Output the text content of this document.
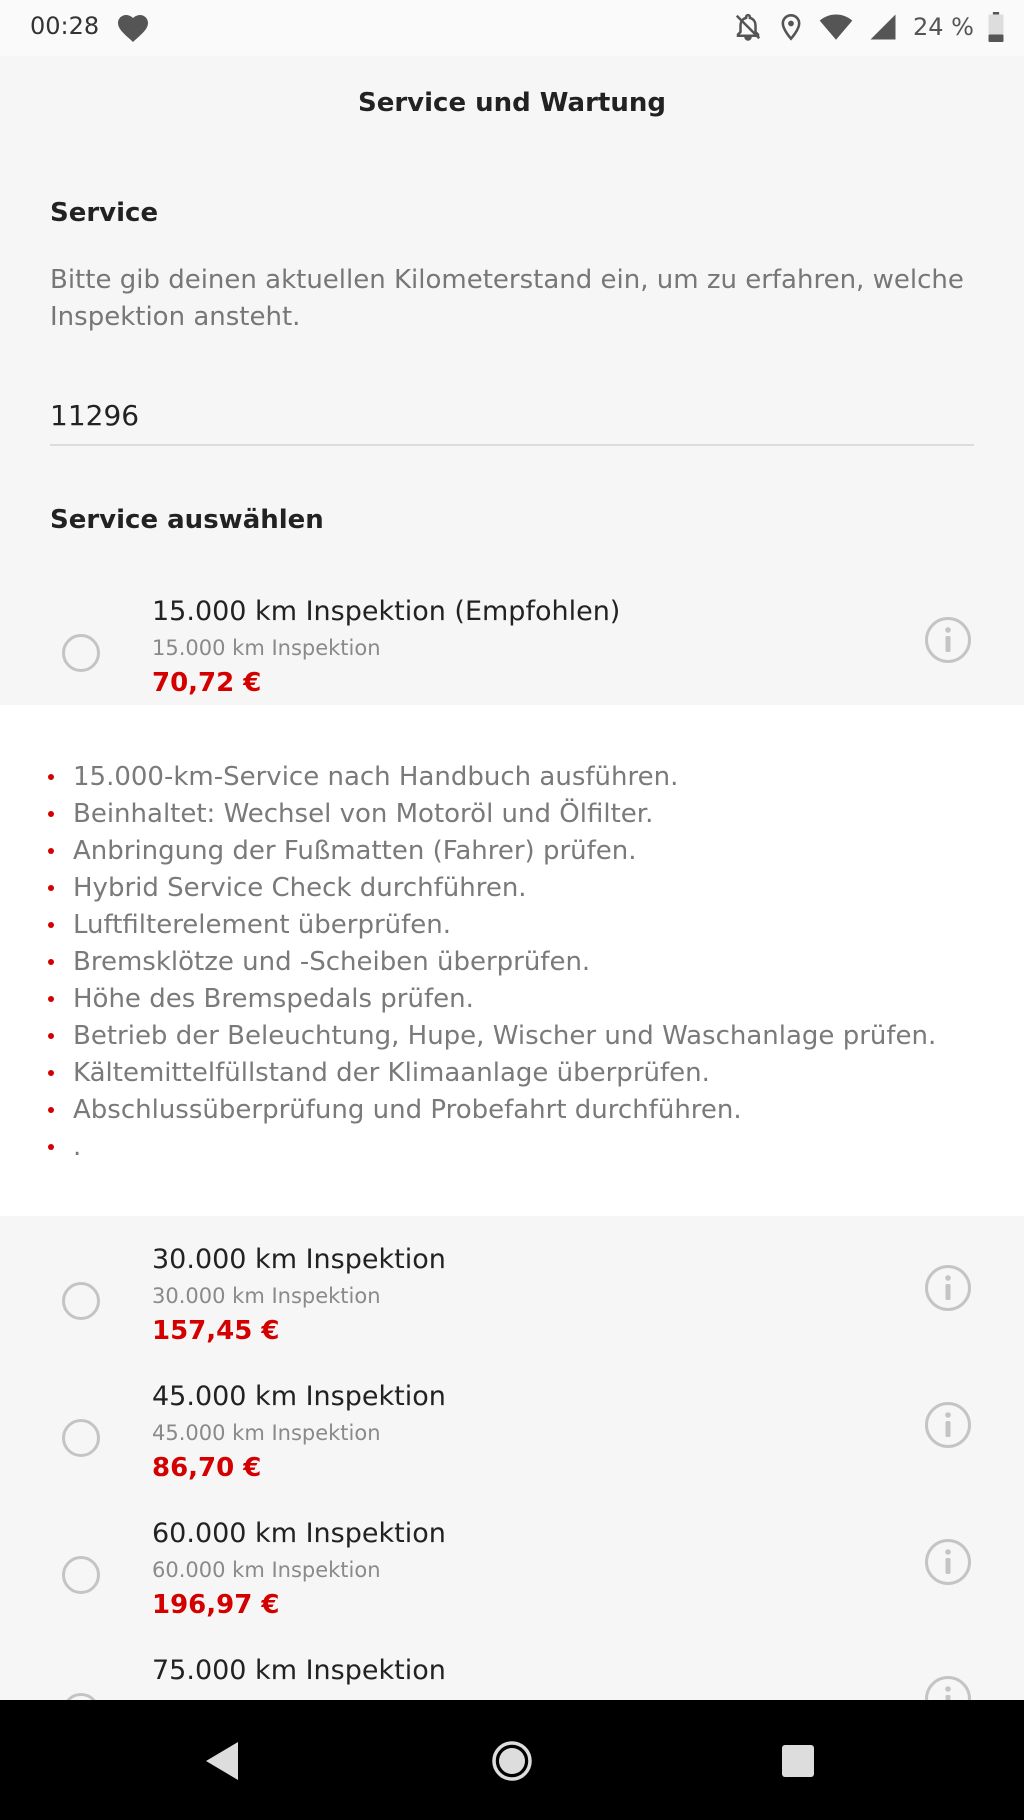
00:28	24 %
Service und Wartung
Service
Bitte gib deinen aktuellen Kilometerstand ein, um zu erfahren, welche Inspektion ansteht.
11296
Service auswählen
15.000 km Inspektion (Empfohlen)
15.000 km Inspektion
70,72 €
15.000-km-Service nach Handbuch ausführen.
Beinhaltet: Wechsel von Motoröl und Ölfilter.
Anbringung der Fußmatten (Fahrer) prüfen.
Hybrid Service Check durchführen.
Luftfilterelement überprüfen.
Bremsklötze und -Scheiben überprüfen.
Höhe des Bremspedals prüfen.
Betrieb der Beleuchtung, Hupe, Wischer und Waschanlage prüfen.
Kältemittelfüllstand der Klimaanlage überprüfen.
Abschlussüberprüfung und Probefahrt durchführen.
.
30.000 km Inspektion
30.000 km Inspektion
157,45 €
45.000 km Inspektion
45.000 km Inspektion
86,70 €
60.000 km Inspektion
60.000 km Inspektion
196,97 €
75.000 km Inspektion
